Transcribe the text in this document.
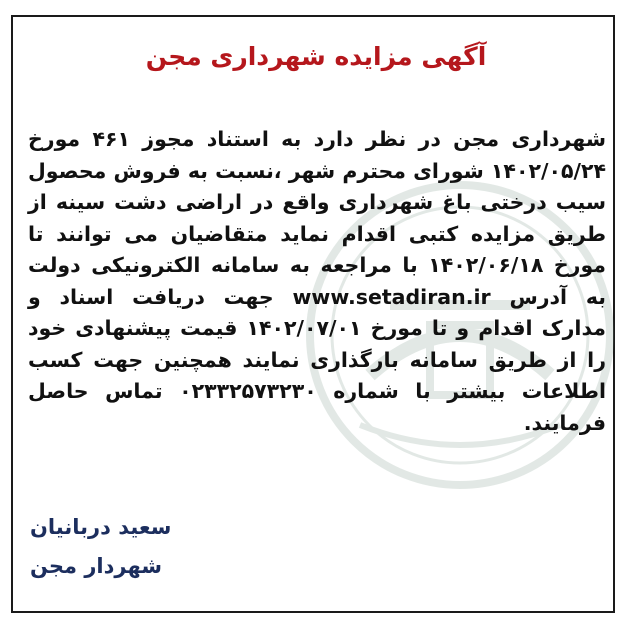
آگهی مزایده شهرداری مجن

شهرداری مجن در نظر دارد به استناد مجوز ۴۶۱ مورخ ۱۴۰۲/۰۵/۲۴ شورای محترم شهر ،نسبت به فروش محصول سیب درختی باغ شهرداری واقع در اراضی دشت سینه از طریق مزایده کتبی اقدام نماید متقاضیان می توانند تا مورخ ۱۴۰۲/۰۶/۱۸ با مراجعه به سامانه الکترونیکی دولت به آدرس www.setadiran.ir جهت دریافت اسناد و مدارک اقدام و تا مورخ ۱۴۰۲/۰۷/۰۱ قیمت پیشنهادی خود را از طریق سامانه بارگذاری نمایند همچنین جهت کسب اطلاعات بیشتر با شماره ۰۲۳۳۲۵۷۳۲۳۰ تماس حاصل فرمایند.

سعید دربانیان

شهردار مجن
